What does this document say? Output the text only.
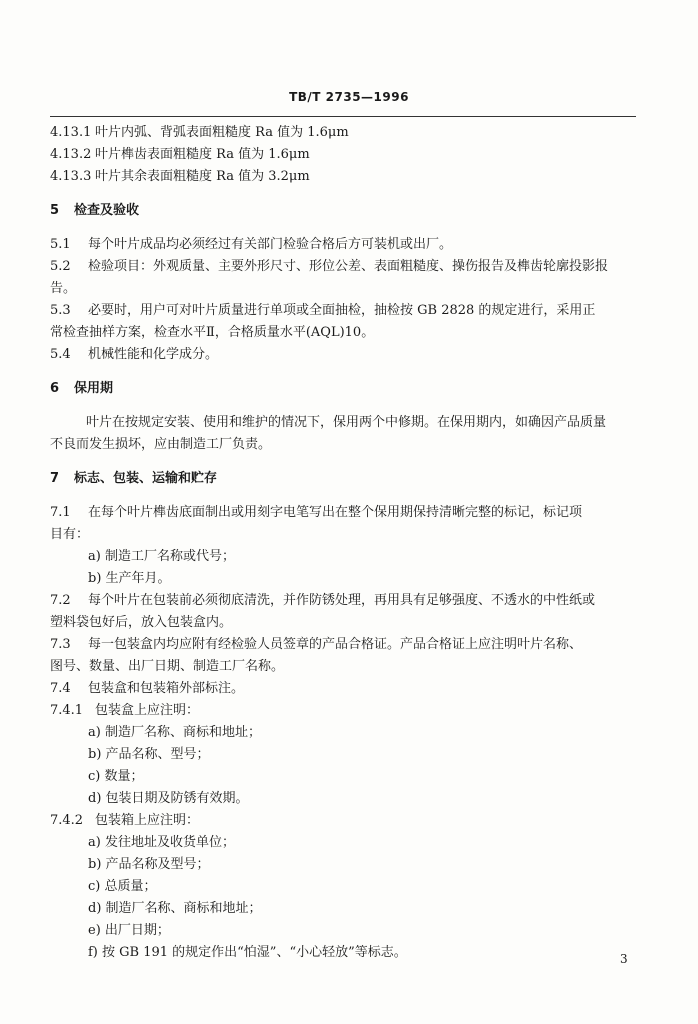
TB/T 2735—1996
4.13.1 叶片内弧、背弧表面粗糙度 Ra 值为 1.6μm
4.13.2 叶片榫齿表面粗糙度 Ra 值为 1.6μm
4.13.3 叶片其余表面粗糙度 Ra 值为 3.2μm
5 检查及验收
5.1 每个叶片成品均必须经过有关部门检验合格后方可装机或出厂。
5.2 检验项目：外观质量、主要外形尺寸、形位公差、表面粗糙度、操伤报告及榫齿轮廓投影报
告。
5.3 必要时，用户可对叶片质量进行单项或全面抽检，抽检按 GB 2828 的规定进行，采用正
常检查抽样方案，检查水平Ⅱ，合格质量水平(AQL)10。
5.4 机械性能和化学成分。
6 保用期
叶片在按规定安装、使用和维护的情况下，保用两个中修期。在保用期内，如确因产品质量
不良而发生损坏，应由制造工厂负责。
7 标志、包装、运输和贮存
7.1 在每个叶片榫齿底面制出或用刻字电笔写出在整个保用期保持清晰完整的标记，标记项
目有：
a) 制造工厂名称或代号；
b) 生产年月。
7.2 每个叶片在包装前必须彻底清洗，并作防锈处理，再用具有足够强度、不透水的中性纸或
塑料袋包好后，放入包装盒内。
7.3 每一包装盒内均应附有经检验人员签章的产品合格证。产品合格证上应注明叶片名称、
图号、数量、出厂日期、制造工厂名称。
7.4 包装盒和包装箱外部标注。
7.4.1 包装盒上应注明：
a) 制造厂名称、商标和地址；
b) 产品名称、型号；
c) 数量；
d) 包装日期及防锈有效期。
7.4.2 包装箱上应注明：
a) 发往地址及收货单位；
b) 产品名称及型号；
c) 总质量；
d) 制造厂名称、商标和地址；
e) 出厂日期；
f) 按 GB 191 的规定作出“怕湿”、“小心轻放”等标志。	3
